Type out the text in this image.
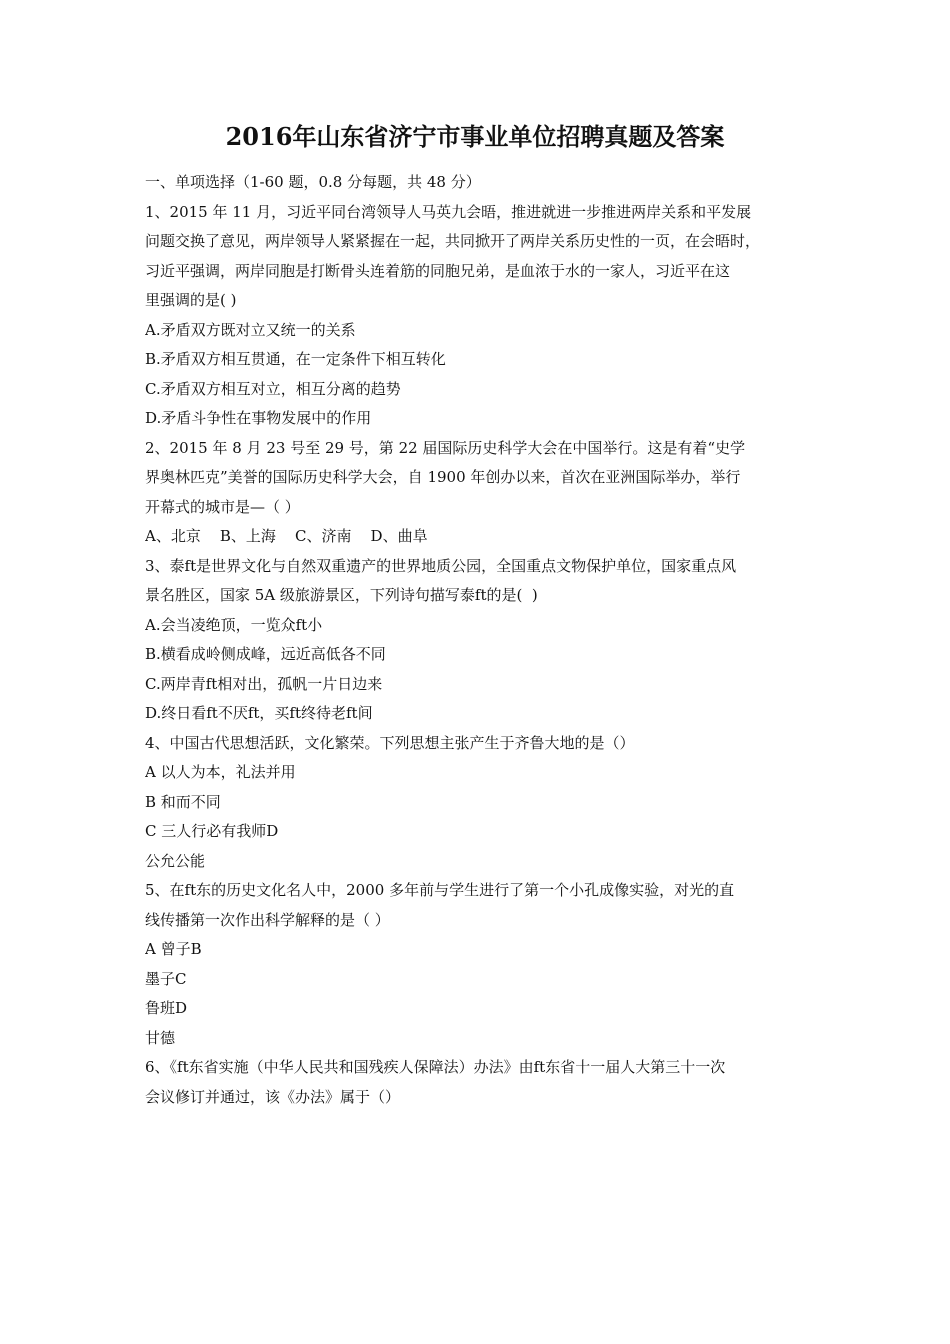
2016年山东省济宁市事业单位招聘真题及答案
一、单项选择（1-60 题，0.8 分每题，共 48 分）
1、2015 年 11 月，习近平同台湾领导人马英九会晤，推进就进一步推进两岸关系和平发展
问题交换了意见，两岸领导人紧紧握在一起，共同掀开了两岸关系历史性的一页，在会晤时，
习近平强调，两岸同胞是打断骨头连着筋的同胞兄弟，是血浓于水的一家人，习近平在这
里强调的是( )
A.矛盾双方既对立又统一的关系
B.矛盾双方相互贯通，在一定条件下相互转化
C.矛盾双方相互对立，相互分离的趋势
D.矛盾斗争性在事物发展中的作用
2、2015 年 8 月 23 号至 29 号，第 22 届国际历史科学大会在中国举行。这是有着“史学
界奥林匹克”美誉的国际历史科学大会，自 1900 年创办以来，首次在亚洲国际举办，举行
开幕式的城市是—（ ）
A、北京    B、上海    C、济南    D、曲阜
3、泰ft是世界文化与自然双重遗产的世界地质公园，全国重点文物保护单位，国家重点风
景名胜区，国家 5A 级旅游景区，下列诗句描写泰ft的是(  )
A.会当凌绝顶，一览众ft小
B.横看成岭侧成峰，远近高低各不同
C.两岸青ft相对出，孤帆一片日边来
D.终日看ft不厌ft，买ft终待老ft间
4、中国古代思想活跃，文化繁荣。下列思想主张产生于齐鲁大地的是（）
A 以人为本，礼法并用
B 和而不同
C 三人行必有我师D
公允公能
5、在ft东的历史文化名人中，2000 多年前与学生进行了第一个小孔成像实验，对光的直
线传播第一次作出科学解释的是（ ）
A 曾子B
墨子C
鲁班D
甘德
6、《ft东省实施（中华人民共和国残疾人保障法）办法》由ft东省十一届人大第三十一次
会议修订并通过，该《办法》属于（）
